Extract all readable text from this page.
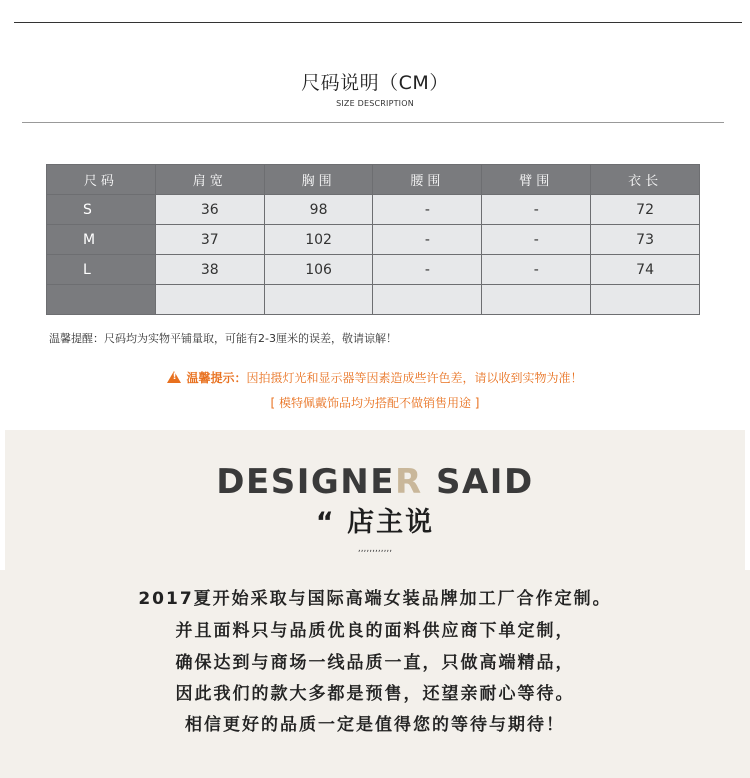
尺码说明（CM）
SIZE DESCRIPTION
尺码	肩宽	胸围	腰围	臂围	衣长
S	36	98	-	-	72
M	37	102	-	-	73
L	38	106	-	-	74

温馨提醒：尺码均为实物平铺量取，可能有2-3厘米的误差，敬请谅解！
!温馨提示：因拍摄灯光和显示器等因素造成些许色差，请以收到实物为准！
[ 模特佩戴饰品均为搭配不做销售用途 ]
DESIGNER SAID
“ 店主说
,,,,,,,,,,,,
2017夏开始采取与国际高端女装品牌加工厂合作定制。
并且面料只与品质优良的面料供应商下单定制，
确保达到与商场一线品质一直，只做高端精品，
因此我们的款大多都是预售，还望亲耐心等待。
相信更好的品质一定是值得您的等待与期待！
